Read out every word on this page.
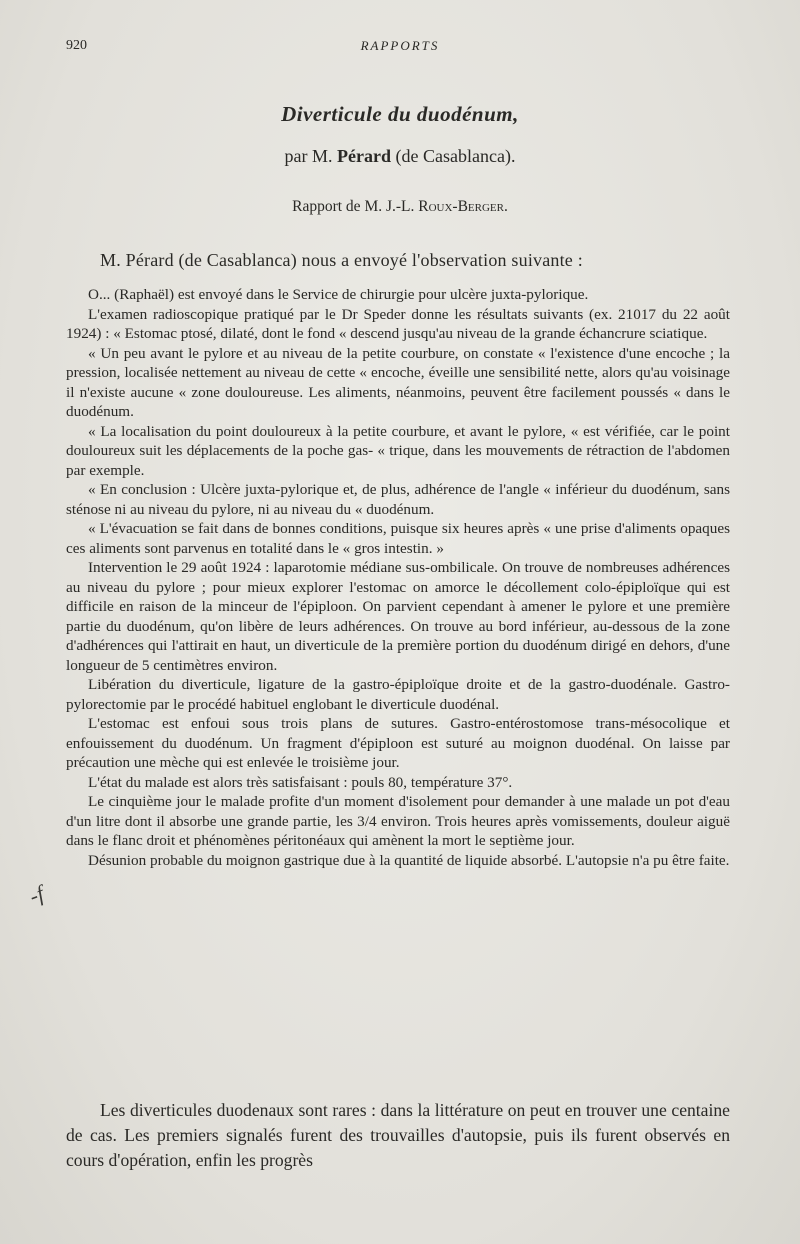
920	RAPPORTS
Diverticule du duodénum,
par M. Pérard (de Casablanca).
Rapport de M. J.-L. Roux-Berger.
M. Pérard (de Casablanca) nous a envoyé l'observation suivante :

O... (Raphaël) est envoyé dans le Service de chirurgie pour ulcère juxta-pylorique.

L'examen radioscopique pratiqué par le Dr Speder donne les résultats suivants (ex. 21017 du 22 août 1924) : « Estomac ptosé, dilaté, dont le fond « descend jusqu'au niveau de la grande échancrure sciatique.

« Un peu avant le pylore et au niveau de la petite courbure, on constate « l'existence d'une encoche ; la pression, localisée nettement au niveau de cette « encoche, éveille une sensibilité nette, alors qu'au voisinage il n'existe aucune « zone douloureuse. Les aliments, néanmoins, peuvent être facilement poussés « dans le duodénum.

« La localisation du point douloureux à la petite courbure, et avant le pylore, « est vérifiée, car le point douloureux suit les déplacements de la poche gas- « trique, dans les mouvements de rétraction de l'abdomen par exemple.

« En conclusion : Ulcère juxta-pylorique et, de plus, adhérence de l'angle « inférieur du duodénum, sans sténose ni au niveau du pylore, ni au niveau du « duodénum.

« L'évacuation se fait dans de bonnes conditions, puisque six heures après « une prise d'aliments opaques ces aliments sont parvenus en totalité dans le « gros intestin. »

Intervention le 29 août 1924 : laparotomie médiane sus-ombilicale. On trouve de nombreuses adhérences au niveau du pylore ; pour mieux explorer l'estomac on amorce le décollement colo-épiploïque qui est difficile en raison de la minceur de l'épiploon. On parvient cependant à amener le pylore et une première partie du duodénum, qu'on libère de leurs adhérences. On trouve au bord inférieur, au-dessous de la zone d'adhérences qui l'attirait en haut, un diverticule de la première portion du duodénum dirigé en dehors, d'une longueur de 5 centimètres environ.

Libération du diverticule, ligature de la gastro-épiploïque droite et de la gastro-duodénale. Gastro-pylorectomie par le procédé habituel englobant le diverticule duodénal.

L'estomac est enfoui sous trois plans de sutures. Gastro-entérostomose trans-mésocolique et enfouissement du duodénum. Un fragment d'épiploon est suturé au moignon duodénal. On laisse par précaution une mèche qui est enlevée le troisième jour.

L'état du malade est alors très satisfaisant : pouls 80, température 37°.

Le cinquième jour le malade profite d'un moment d'isolement pour demander à une malade un pot d'eau d'un litre dont il absorbe une grande partie, les 3/4 environ. Trois heures après vomissements, douleur aiguë dans le flanc droit et phénomènes péritonéaux qui amènent la mort le septième jour.

Désunion probable du moignon gastrique due à la quantité de liquide absorbé. L'autopsie n'a pu être faite.

-f

Les diverticules duodenaux sont rares : dans la littérature on peut en trouver une centaine de cas. Les premiers signalés furent des trouvailles d'autopsie, puis ils furent observés en cours d'opération, enfin les progrès
